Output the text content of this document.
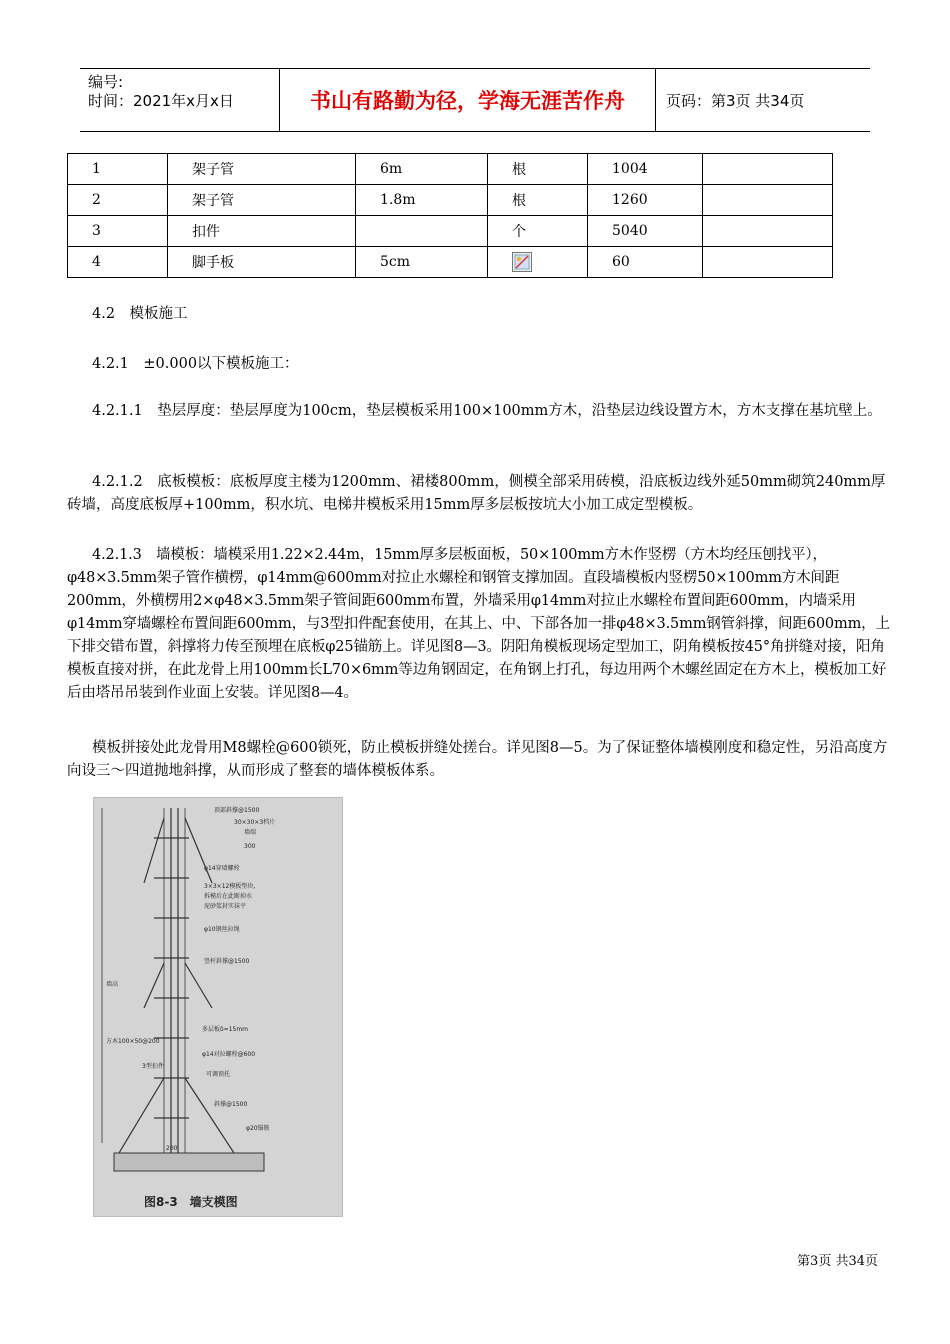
编号:
时间：2021年x月x日	书山有路勤为径，学海无涯苦作舟	页码：第3页 共34页
1	架子管	6m	根	1004	
2	架子管	1.8m	根	1260	
3	扣件		个	5040	
4	脚手板	5cm		60	
4.2　模板施工
4.2.1　±0.000以下模板施工：
4.2.1.1　垫层厚度：垫层厚度为100cm，垫层模板采用100×100mm方木，沿垫层边线设置方木，方木支撑在基坑壁上。
4.2.1.2　底板模板：底板厚度主楼为1200mm、裙楼800mm，侧模全部采用砖模，沿底板边线外延50mm砌筑240mm厚砖墙，高度底板厚+100mm，积水坑、电梯井模板采用15mm厚多层板按坑大小加工成定型模板。
4.2.1.3　墙模板：墙模采用1.22×2.44m，15mm厚多层板面板，50×100mm方木作竖楞（方木均经压刨找平），φ48×3.5mm架子管作横楞，φ14mm@600mm对拉止水螺栓和钢管支撑加固。直段墙模板内竖楞50×100mm方木间距200mm，外横楞用2×φ48×3.5mm架子管间距600mm布置，外墙采用φ14mm对拉止水螺栓布置间距600mm，内墙采用φ14mm穿墙螺栓布置间距600mm，与3型扣件配套使用，在其上、中、下部各加一排φ48×3.5mm钢管斜撑，间距600mm，上下排交错布置，斜撑将力传至预埋在底板φ25锚筋上。详见图8—3。阴阳角模板现场定型加工，阴角模板按45°角拼缝对接，阳角模板直接对拼，在此龙骨上用100mm长L70×6mm等边角钢固定，在角钢上打孔，每边用两个木螺丝固定在方木上，模板加工好后由塔吊吊装到作业面上安装。详见图8—4。
模板拼接处此龙骨用M8螺栓@600锁死，防止模板拼缝处搓台。详见图8—5。为了保证整体墙模刚度和稳定性，另沿高度方向设三～四道抛地斜撑，从而形成了整套的墙体模板体系。
顶部斜撑@1500
30×30×3档片
墙端
300
φ14穿墙螺栓
3×3×12模板垫块,
拆模后在此断掉水
泥砂浆封实抹平
φ10钢丝拉绳
竖杆斜撑@1500
墙高
多层板δ=15mm
方木100×50@200
φ14对拉螺栓@600
3型扣件
可调顶托
斜撑@1500
φ20锚筋
200
图8-3　墙支模图
第3页 共34页
